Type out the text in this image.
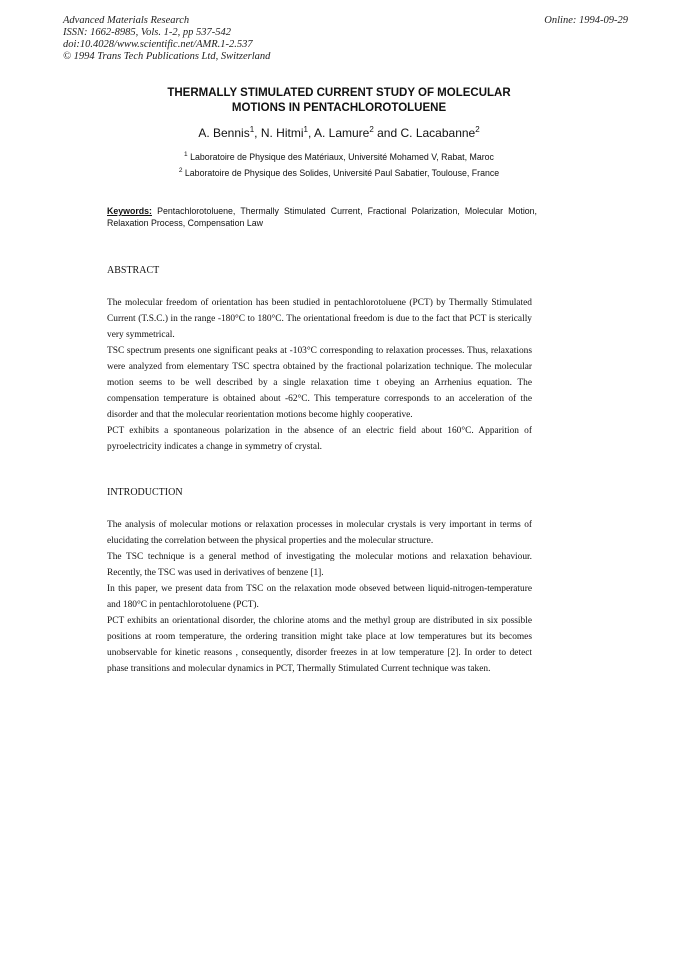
Advanced Materials Research
ISSN: 1662-8985, Vols. 1-2, pp 537-542
doi:10.4028/www.scientific.net/AMR.1-2.537
© 1994 Trans Tech Publications Ltd, Switzerland
Online: 1994-09-29
THERMALLY STIMULATED CURRENT STUDY OF MOLECULAR
MOTIONS IN PENTACHLOROTOLUENE
A. Bennis$^1$, N. Hitmi$^1$, A. Lamure$^2$ and C. Lacabanne$^2$
$^1$ Laboratoire de Physique des Matériaux, Université Mohamed V, Rabat, Maroc
$^2$ Laboratoire de Physique des Solides, Université Paul Sabatier, Toulouse, France
Keywords: Pentachlorotoluene, Thermally Stimulated Current, Fractional Polarization, Molecular Motion, Relaxation Process, Compensation Law
ABSTRACT

The molecular freedom of orientation has been studied in pentachlorotoluene (PCT) by Thermally Stimulated Current (T.S.C.) in the range -180°C to 180°C. The orientational freedom is due to the fact that PCT is sterically very symmetrical.

TSC spectrum presents one significant peaks at -103°C corresponding to relaxation processes. Thus, relaxations were analyzed from elementary TSC spectra obtained by the fractional polarization technique. The molecular motion seems to be well described by a single relaxation time t obeying an Arrhenius equation. The compensation temperature is obtained about -62°C. This temperature corresponds to an acceleration of the disorder and that the molecular reorientation motions become highly cooperative.

PCT exhibits a spontaneous polarization in the absence of an electric field about 160°C. Apparition of pyroelectricity indicates a change in symmetry of crystal.

INTRODUCTION

The analysis of molecular motions or relaxation processes in molecular crystals is very important in terms of elucidating the correlation between the physical properties and the molecular structure.

The TSC technique is a general method of investigating the molecular motions and relaxation behaviour. Recently, the TSC was used in derivatives of benzene [1].

In this paper, we present data from TSC on the relaxation mode obseved between liquid-nitrogen-temperature and 180°C in pentachlorotoluene (PCT).

PCT exhibits an orientational disorder, the chlorine atoms and the methyl group are distributed in six possible positions at room temperature, the ordering transition might take place at low temperatures but its becomes unobservable for kinetic reasons , consequently, disorder freezes in at low temperature [2]. In order to detect phase transitions and molecular dynamics in PCT, Thermally Stimulated Current technique was taken.
